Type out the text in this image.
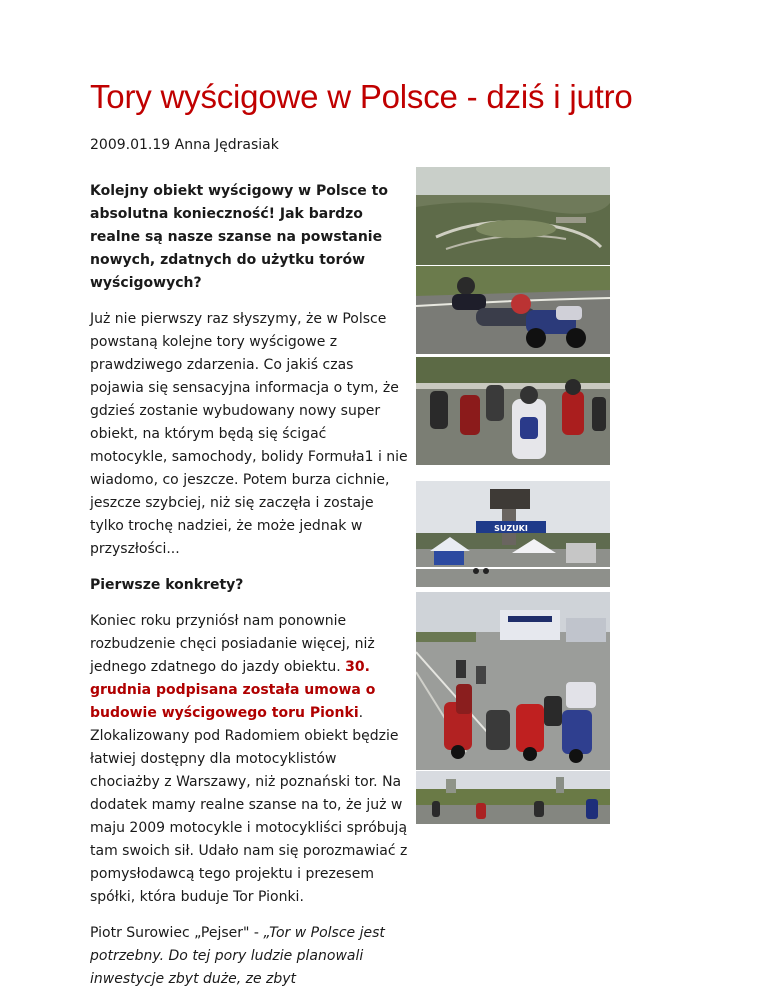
Tory wyścigowe w Polsce - dziś i jutro
2009.01.19 Anna Jędrasiak

Kolejny obiekt wyścigowy w Polsce to absolutna konieczność! Jak bardzo realne są nasze szanse na powstanie nowych, zdatnych do użytku torów wyścigowych?

Już nie pierwszy raz słyszymy, że w Polsce powstaną kolejne tory wyścigowe z prawdziwego zdarzenia. Co jakiś czas pojawia się sensacyjna informacja o tym, że gdzieś zostanie wybudowany nowy super obiekt, na którym będą się ścigać motocykle, samochody, bolidy Formuła1 i nie wiadomo, co jeszcze. Potem burza cichnie, jeszcze szybciej, niż się zaczęła i zostaje tylko trochę nadziei, że może jednak w przyszłości...

Pierwsze konkrety?

Koniec roku przyniósł nam ponownie rozbudzenie chęci posiadanie więcej, niż jednego zdatnego do jazdy obiektu. 30. grudnia podpisana została umowa o budowie wyścigowego toru Pionki. Zlokalizowany pod Radomiem obiekt będzie łatwiej dostępny dla motocyklistów chociażby z Warszawy, niż poznański tor. Na dodatek mamy realne szanse na to, że już w maju 2009 motocykle i motocykliści spróbują tam swoich sił. Udało nam się porozmawiać z pomysłodawcą tego projektu i prezesem spółki, która buduje Tor Pionki.

Piotr Surowiec „Pejser" - „Tor w Polsce jest potrzebny. Do tej pory ludzie planowali inwestycje zbyt duże, ze zbyt

SUZUKI
